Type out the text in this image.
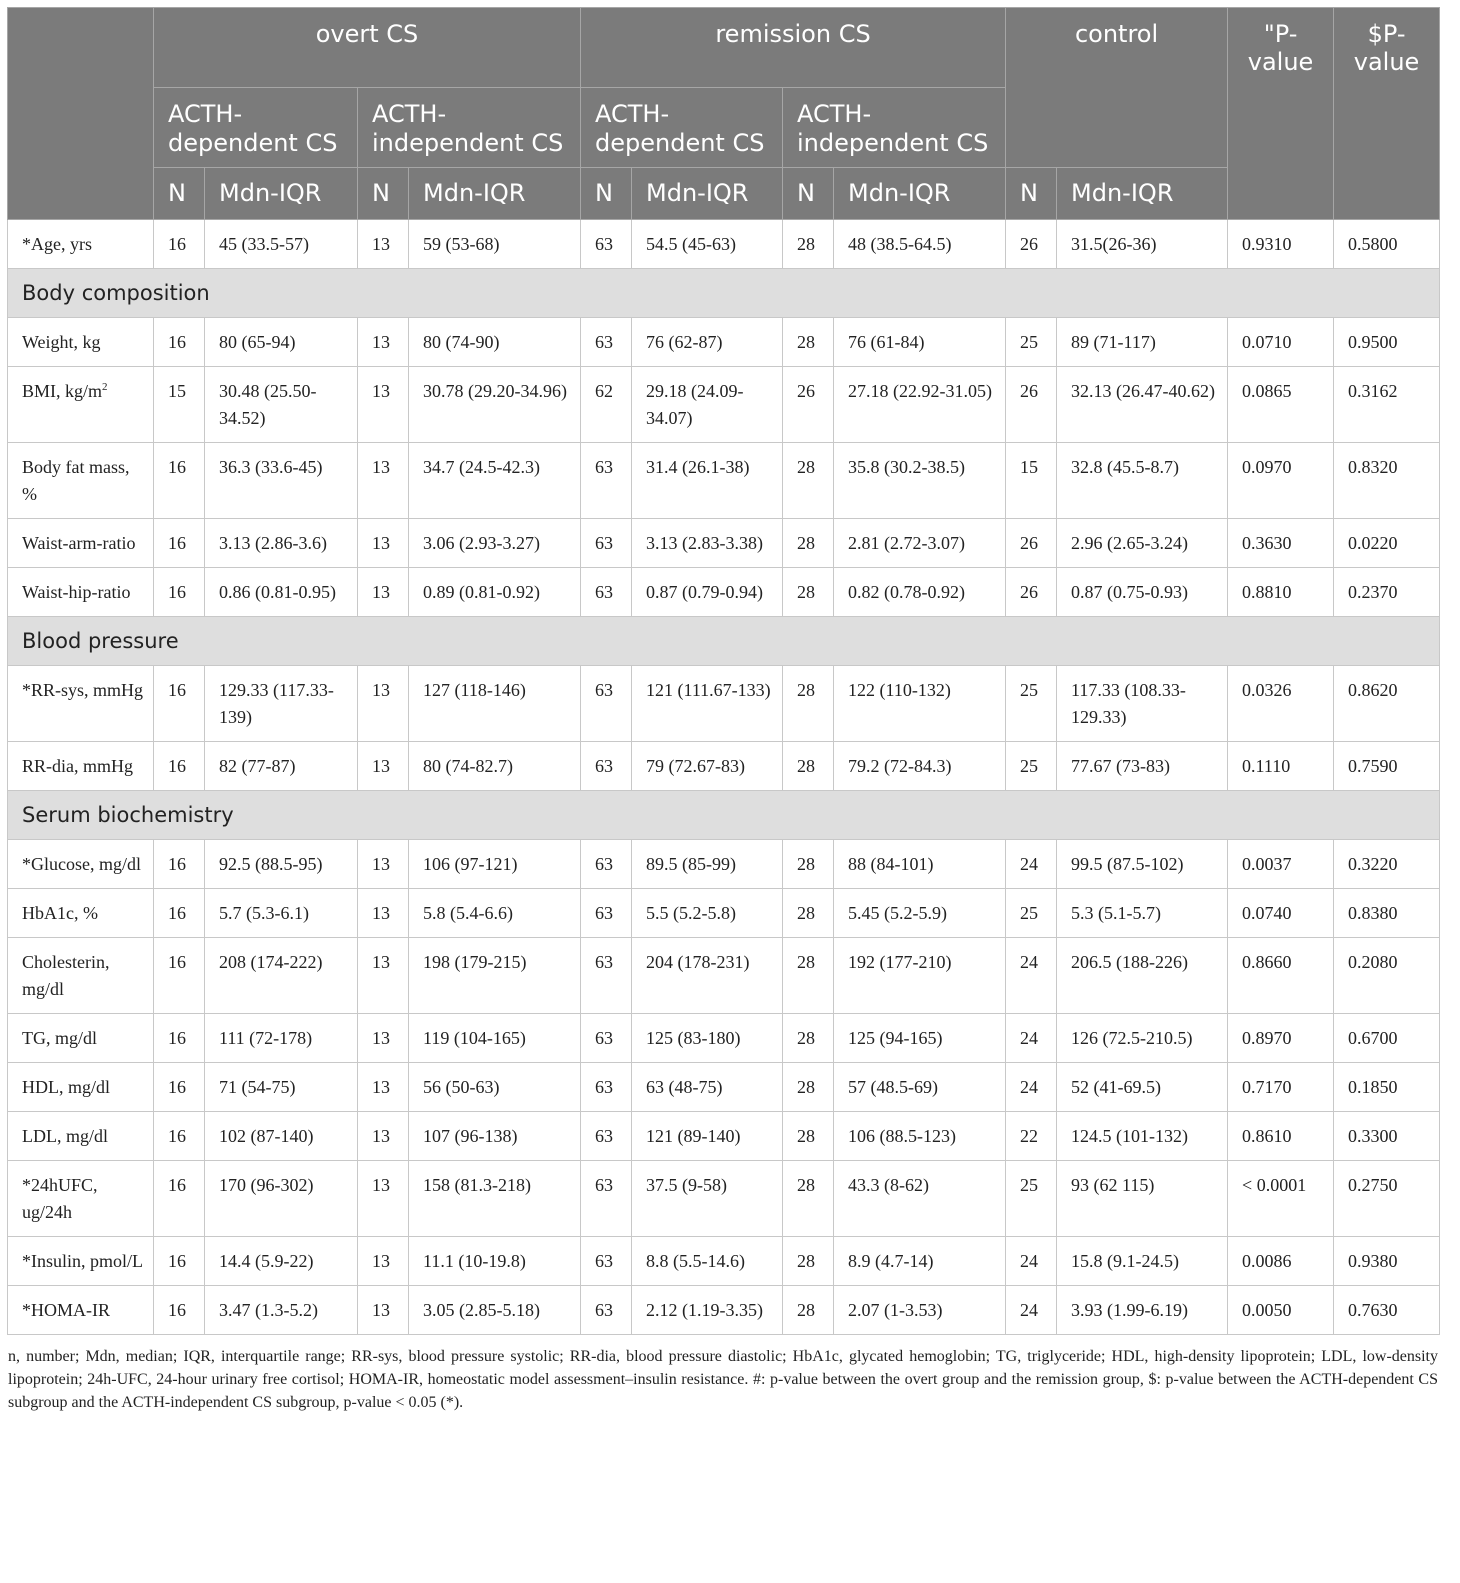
	overt CS				remission CS				control		"P-value	$P-value
	ACTH-dependent CS		ACTH-independent CS		ACTH-dependent CS		ACTH-independent CS					
	N	Mdn-IQR	N	Mdn-IQR	N	Mdn-IQR	N	Mdn-IQR	N	Mdn-IQR		
*Age, yrs	16	45 (33.5-57)	13	59 (53-68)	63	54.5 (45-63)	28	48 (38.5-64.5)	26	31.5(26-36)	0.9310	0.5800
Body composition												
Weight, kg	16	80 (65-94)	13	80 (74-90)	63	76 (62-87)	28	76 (61-84)	25	89 (71-117)	0.0710	0.9500
BMI, $kg/m^2$	15	30.48 (25.50-34.52)	13	30.78 (29.20-34.96)	62	29.18 (24.09-34.07)	26	27.18 (22.92-31.05)	26	32.13 (26.47-40.62)	0.0865	0.3162
Body fat mass, %	16	36.3 (33.6-45)	13	34.7 (24.5-42.3)	63	31.4 (26.1-38)	28	35.8 (30.2-38.5)	15	32.8 (45.5-8.7)	0.0970	0.8320
Waist-arm-ratio	16	3.13 (2.86-3.6)	13	3.06 (2.93-3.27)	63	3.13 (2.83-3.38)	28	2.81 (2.72-3.07)	26	2.96 (2.65-3.24)	0.3630	0.0220
Waist-hip-ratio	16	0.86 (0.81-0.95)	13	0.89 (0.81-0.92)	63	0.87 (0.79-0.94)	28	0.82 (0.78-0.92)	26	0.87 (0.75-0.93)	0.8810	0.2370
Blood pressure												
*RR-sys, mmHg	16	129.33 (117.33-139)	13	127 (118-146)	63	121 (111.67-133)	28	122 (110-132)	25	117.33 (108.33-129.33)	0.0326	0.8620
RR-dia, mmHg	16	82 (77-87)	13	80 (74-82.7)	63	79 (72.67-83)	28	79.2 (72-84.3)	25	77.67 (73-83)	0.1110	0.7590
Serum biochemistry												
*Glucose, mg/dl	16	92.5 (88.5-95)	13	106 (97-121)	63	89.5 (85-99)	28	88 (84-101)	24	99.5 (87.5-102)	0.0037	0.3220
HbA1c, %	16	5.7 (5.3-6.1)	13	5.8 (5.4-6.6)	63	5.5 (5.2-5.8)	28	5.45 (5.2-5.9)	25	5.3 (5.1-5.7)	0.0740	0.8380
Cholesterin, mg/dl	16	208 (174-222)	13	198 (179-215)	63	204 (178-231)	28	192 (177-210)	24	206.5 (188-226)	0.8660	0.2080
TG, mg/dl	16	111 (72-178)	13	119 (104-165)	63	125 (83-180)	28	125 (94-165)	24	126 (72.5-210.5)	0.8970	0.6700
HDL, mg/dl	16	71 (54-75)	13	56 (50-63)	63	63 (48-75)	28	57 (48.5-69)	24	52 (41-69.5)	0.7170	0.1850
LDL, mg/dl	16	102 (87-140)	13	107 (96-138)	63	121 (89-140)	28	106 (88.5-123)	22	124.5 (101-132)	0.8610	0.3300
*24hUFC, ug/24h	16	170 (96-302)	13	158 (81.3-218)	63	37.5 (9-58)	28	43.3 (8-62)	25	93 (62 115)	< 0.0001	0.2750
*Insulin, pmol/L	16	14.4 (5.9-22)	13	11.1 (10-19.8)	63	8.8 (5.5-14.6)	28	8.9 (4.7-14)	24	15.8 (9.1-24.5)	0.0086	0.9380
*HOMA-IR	16	3.47 (1.3-5.2)	13	3.05 (2.85-5.18)	63	2.12 (1.19-3.35)	28	2.07 (1-3.53)	24	3.93 (1.99-6.19)	0.0050	0.7630
n, number; Mdn, median; IQR, interquartile range; RR-sys, blood pressure systolic; RR-dia, blood pressure diastolic; HbA1c, glycated hemoglobin; TG, triglyceride; HDL, high-density lipoprotein; LDL, low-density lipoprotein; 24h-UFC, 24-hour urinary free cortisol; HOMA-IR, homeostatic model assessment–insulin resistance. #: p-value between the overt group and the remission group, $: p-value between the ACTH-dependent CS subgroup and the ACTH-independent CS subgroup, p-value < 0.05 (*).
